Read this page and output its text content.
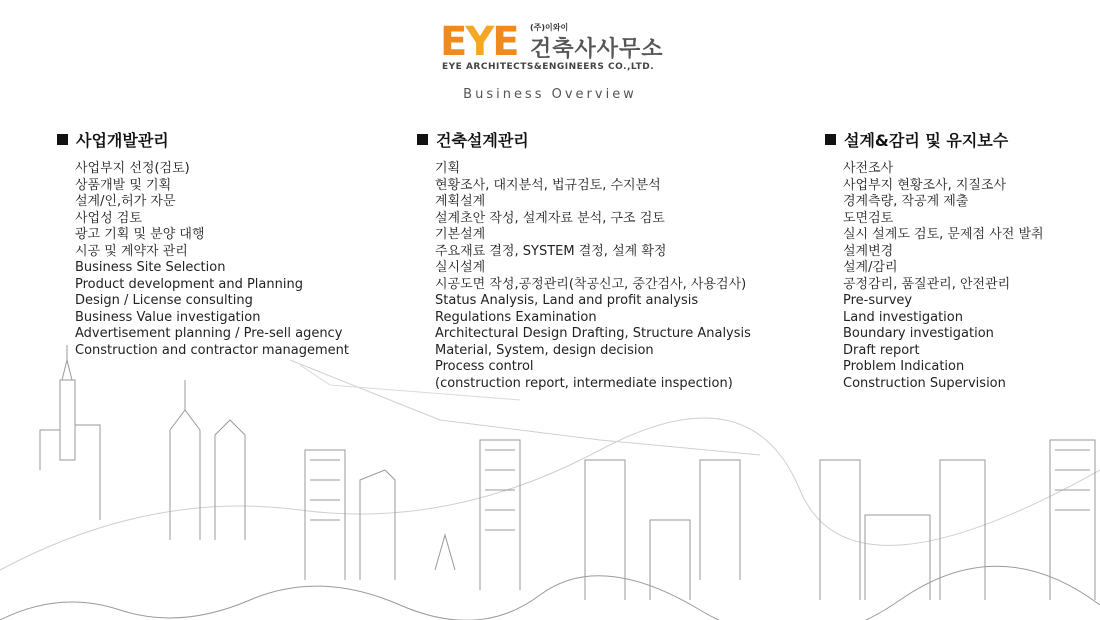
E Y E (주)이와이
건축사사무소
EYE ARCHITECTS&ENGINEERS CO.,LTD.
Business Overview
사업개발관리
사업부지 선정(검토)
상품개발 및 기획
설계/인,허가 자문
사업성 검토
광고 기획 및 분양 대행
시공 및 계약자 관리
Business Site Selection
Product development and Planning
Design / License consulting
Business Value investigation
Advertisement planning / Pre-sell agency
Construction and contractor management
건축설계관리
기획
현황조사, 대지분석, 법규검토, 수지분석
계획설계
설계초안 작성, 설계자료 분석, 구조 검토
기본설계
주요재료 결정, SYSTEM 결정, 설계 확정
실시설계
시공도면 작성,공정관리(착공신고, 중간검사, 사용검사)
Status Analysis, Land and profit analysis
Regulations Examination
Architectural Design Drafting, Structure Analysis
Material, System, design decision
Process control
(construction report, intermediate inspection)
설계&감리 및 유지보수
사전조사
사업부지 현황조사, 지질조사
경계측량, 작공계 제출
도면검토
실시 설계도 검토, 문제점 사전 발취
설계변경
설계/감리
공정감리, 품질관리, 안전관리
Pre-survey
Land investigation
Boundary investigation
Draft report
Problem Indication
Construction Supervision
